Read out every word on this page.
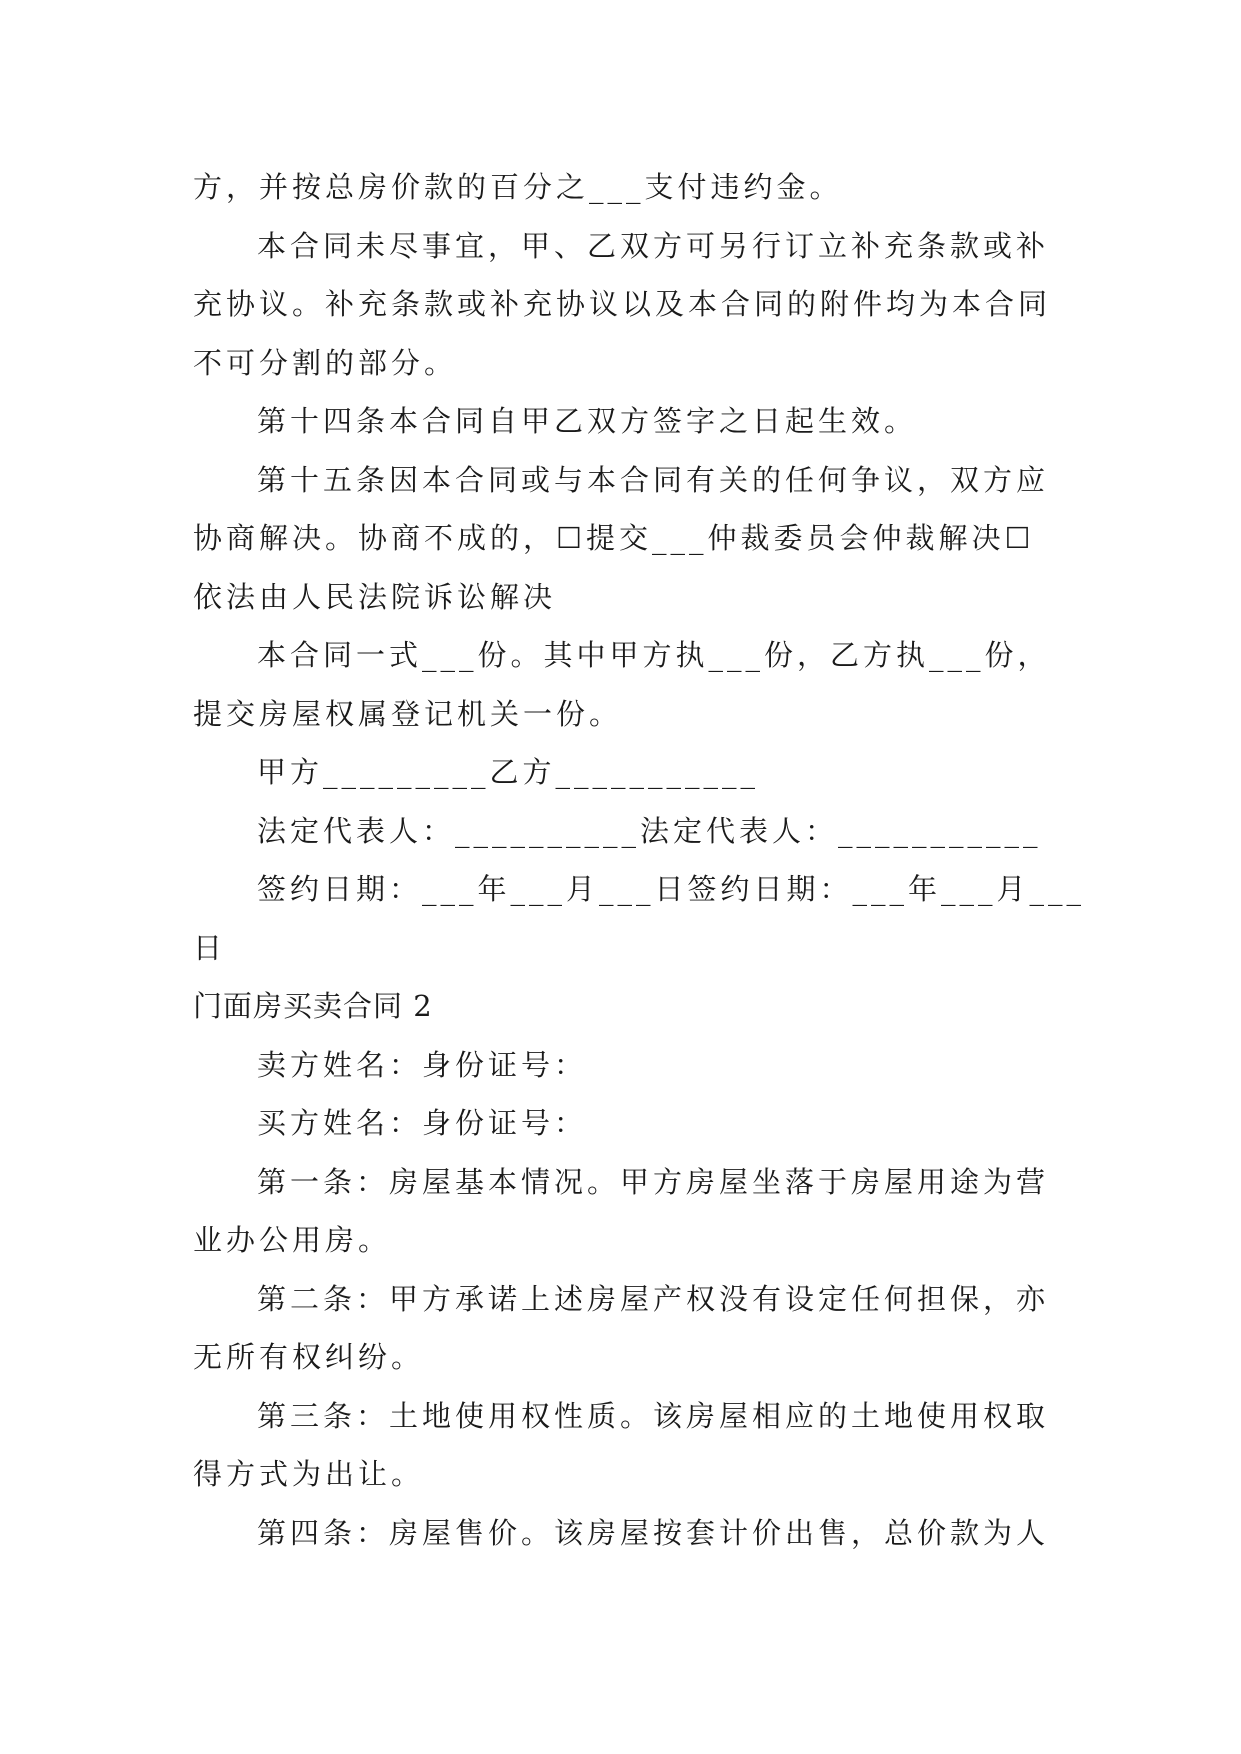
方，并按总房价款的百分之___支付违约金。
本合同未尽事宜，甲、乙双方可另行订立补充条款或补
充协议。补充条款或补充协议以及本合同的附件均为本合同
不可分割的部分。
第十四条本合同自甲乙双方签字之日起生效。
第十五条因本合同或与本合同有关的任何争议，双方应
协商解决。协商不成的，☐提交___仲裁委员会仲裁解决☐
依法由人民法院诉讼解决
本合同一式___份。其中甲方执___份，乙方执___份，
提交房屋权属登记机关一份。
甲方_________乙方___________
法定代表人：__________法定代表人：___________
签约日期：___年___月___日签约日期：___年___月___
日
门面房买卖合同 2
卖方姓名：身份证号：
买方姓名：身份证号：
第一条：房屋基本情况。甲方房屋坐落于房屋用途为营
业办公用房。
第二条：甲方承诺上述房屋产权没有设定任何担保，亦
无所有权纠纷。
第三条：土地使用权性质。该房屋相应的土地使用权取
得方式为出让。
第四条：房屋售价。该房屋按套计价出售，总价款为人
